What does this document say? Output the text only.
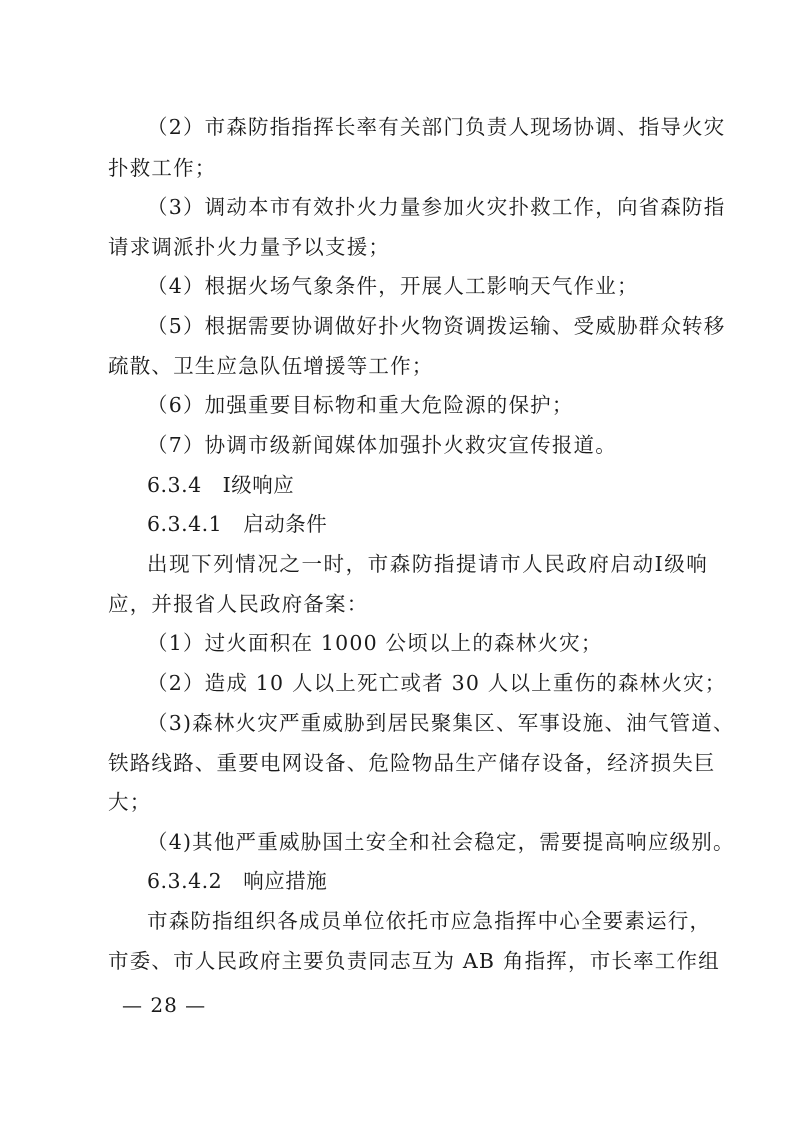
（2）市森防指指挥长率有关部门负责人现场协调、指导火灾
扑救工作；
（3）调动本市有效扑火力量参加火灾扑救工作，向省森防指
请求调派扑火力量予以支援；
（4）根据火场气象条件，开展人工影响天气作业；
（5）根据需要协调做好扑火物资调拨运输、受威胁群众转移
疏散、卫生应急队伍增援等工作；
（6）加强重要目标物和重大危险源的保护；
（7）协调市级新闻媒体加强扑火救灾宣传报道。
6.3.4　Ⅰ级响应
6.3.4.1　启动条件
出现下列情况之一时，市森防指提请市人民政府启动Ⅰ级响
应，并报省人民政府备案：
（1）过火面积在 1000 公顷以上的森林火灾；
（2）造成 10 人以上死亡或者 30 人以上重伤的森林火灾；
（3)森林火灾严重威胁到居民聚集区、军事设施、油气管道、
铁路线路、重要电网设备、危险物品生产储存设备，经济损失巨
大；
（4)其他严重威胁国土安全和社会稳定，需要提高响应级别。
6.3.4.2　响应措施
市森防指组织各成员单位依托市应急指挥中心全要素运行，
市委、市人民政府主要负责同志互为 AB 角指挥，市长率工作组
— 28 —
